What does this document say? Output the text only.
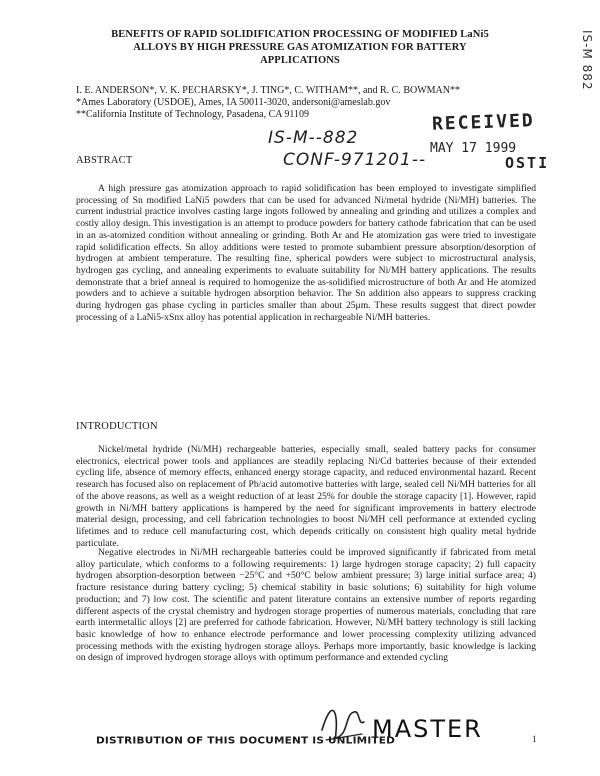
IS-M 882
BENEFITS OF RAPID SOLIDIFICATION PROCESSING OF MODIFIED LaNi5 ALLOYS BY HIGH PRESSURE GAS ATOMIZATION FOR BATTERY APPLICATIONS
I. E. ANDERSON*, V. K. PECHARSKY*, J. TING*, C. WITHAM**, and R. C. BOWMAN**
*Ames Laboratory (USDOE), Ames, IA 50011-3020, andersoni@ameslab.gov
**California Institute of Technology, Pasadena, CA 91109	RECEIVED
MAY 17 1999
OSTI
IS-M--882
CONF-971201--
ABSTRACT

A high pressure gas atomization approach to rapid solidification has been employed to investigate simplified processing of Sn modified LaNi5 powders that can be used for advanced Ni/metal hydride (Ni/MH) batteries. The current industrial practice involves casting large ingots followed by annealing and grinding and utilizes a complex and costly alloy design. This investigation is an attempt to produce powders for battery cathode fabrication that can be used in an as-atomized condition without annealing or grinding. Both Ar and He atomization gas were tried to investigate rapid solidification effects. Sn alloy additions were tested to promote subambient pressure absorption/desorption of hydrogen at ambient temperature. The resulting fine, spherical powders were subject to microstructural analysis, hydrogen gas cycling, and annealing experiments to evaluate suitability for Ni/MH battery applications. The results demonstrate that a brief anneal is required to homogenize the as-solidified microstructure of both Ar and He atomized powders and to achieve a suitable hydrogen absorption behavior. The Sn addition also appears to suppress cracking during hydrogen gas phase cycling in particles smaller than about 25μm. These results suggest that direct powder processing of a LaNi5-xSnx alloy has potential application in rechargeable Ni/MH batteries.

INTRODUCTION

Nickel/metal hydride (Ni/MH) rechargeable batteries, especially small, sealed battery packs for consumer electronics, electrical power tools and appliances are steadily replacing Ni/Cd batteries because of their extended cycling life, absence of memory effects, enhanced energy storage capacity, and reduced environmental hazard. Recent research has focused also on replacement of Pb/acid automotive batteries with large, sealed cell Ni/MH batteries for all of the above reasons, as well as a weight reduction of at least 25% for double the storage capacity [1]. However, rapid growth in Ni/MH battery applications is hampered by the need for significant improvements in battery electrode material design, processing, and cell fabrication technologies to boost Ni/MH cell performance at extended cycling lifetimes and to reduce cell manufacturing cost, which depends critically on consistent high quality metal hydride particulate.

Negative electrodes in Ni/MH rechargeable batteries could be improved significantly if fabricated from metal alloy particulate, which conforms to a following requirements: 1) large hydrogen storage capacity; 2) full capacity hydrogen absorption-desorption between −25°C and +50°C below ambient pressure; 3) large initial surface area; 4) fracture resistance during battery cycling; 5) chemical stability in basic solutions; 6) suitability for high volume production; and 7) low cost. The scientific and patent literature contains an extensive number of reports regarding different aspects of the crystal chemistry and hydrogen storage properties of numerous materials, concluding that rare earth intermetallic alloys [2] are preferred for cathode fabrication. However, Ni/MH battery technology is still lacking basic knowledge of how to enhance electrode performance and lower processing complexity utilizing advanced processing methods with the existing hydrogen storage alloys. Perhaps more importantly, basic knowledge is lacking on design of improved hydrogen storage alloys with optimum performance and extended cycling

DISTRIBUTION OF THIS DOCUMENT IS UNLIMITED
MASTER	1
